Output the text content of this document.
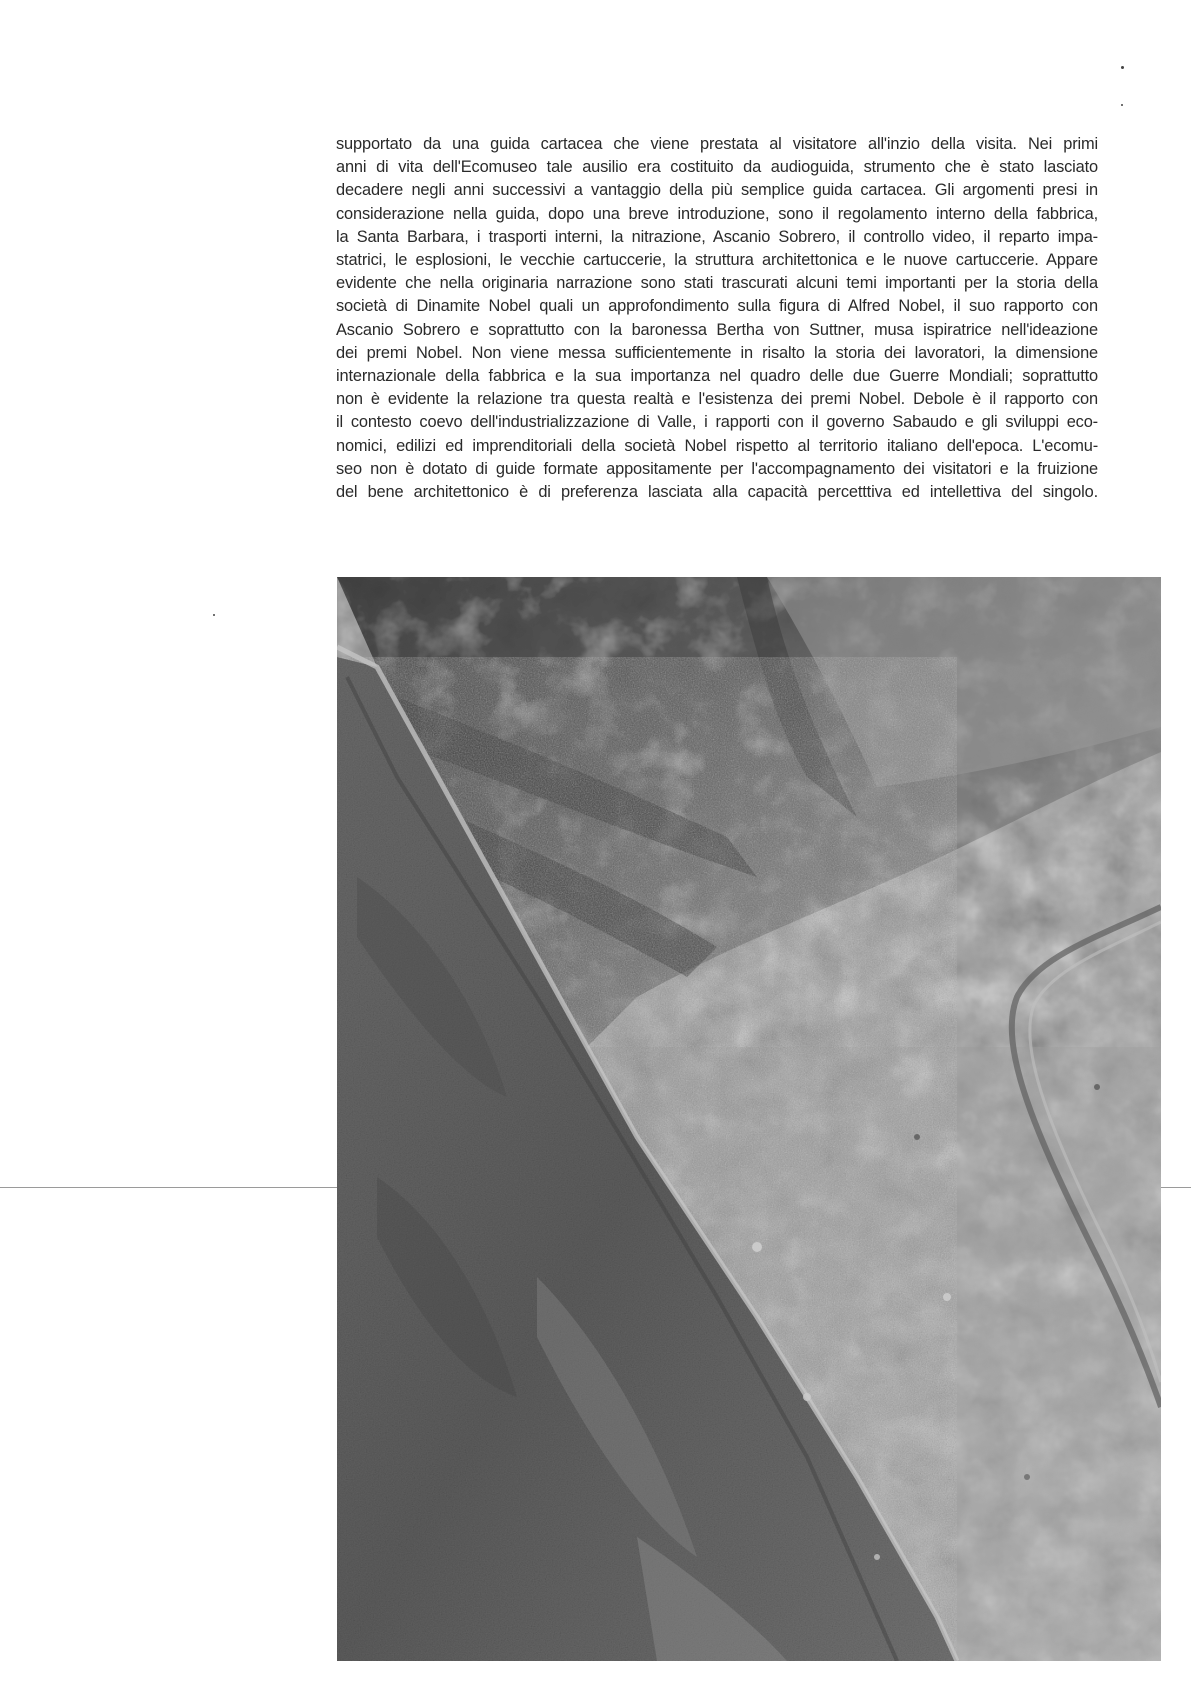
supportato da una guida cartacea che viene prestata al visitatore all'inzio della visita. Nei primi
anni di vita dell'Ecomuseo tale ausilio era costituito da audioguida, strumento che è stato lasciato
decadere negli anni successivi a vantaggio della più semplice guida cartacea. Gli argomenti presi in
considerazione nella guida, dopo una breve introduzione, sono il regolamento interno della fabbrica,
la Santa Barbara, i trasporti interni, la nitrazione, Ascanio Sobrero, il controllo video, il reparto impa-
statrici, le esplosioni, le vecchie cartuccerie, la struttura architettonica e le nuove cartuccerie. Appare
evidente che nella originaria narrazione sono stati trascurati alcuni temi importanti per la storia della
società di Dinamite Nobel quali un approfondimento sulla figura di Alfred Nobel, il suo rapporto con
Ascanio Sobrero e soprattutto con la baronessa Bertha von Suttner, musa ispiratrice nell'ideazione
dei premi Nobel. Non viene messa sufficientemente in risalto la storia dei lavoratori, la dimensione
internazionale della fabbrica e la sua importanza nel quadro delle due Guerre Mondiali; soprattutto
non è evidente la relazione tra questa realtà e l'esistenza dei premi Nobel. Debole è il rapporto con
il contesto coevo dell'industrializzazione di Valle, i rapporti con il governo Sabaudo e gli sviluppi eco-
nomici, edilizi ed imprenditoriali della società Nobel rispetto al territorio italiano dell'epoca. L'ecomu-
seo non è dotato di guide formate appositamente per l'accompagnamento dei visitatori e la fruizione
del bene architettonico è di preferenza lasciata alla capacità percetttiva ed intellettiva del singolo.
